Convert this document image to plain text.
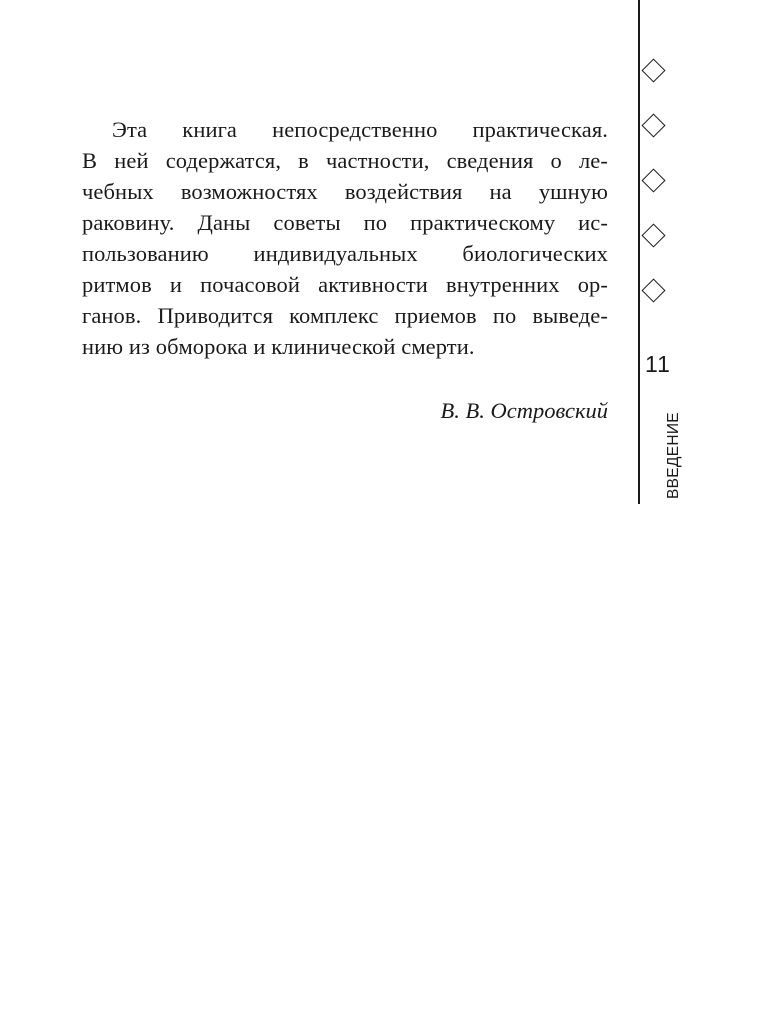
Эта книга непосредственно практическая.
В ней содержатся, в частности, сведения о ле-
чебных возможностях воздействия на ушную
раковину. Даны советы по практическому ис-
пользованию индивидуальных биологических
ритмов и почасовой активности внутренних ор-
ганов. Приводится комплекс приемов по выведе-
нию из обморока и клинической смерти.
В. В. Островский
11
ВВЕДЕНИЕ
